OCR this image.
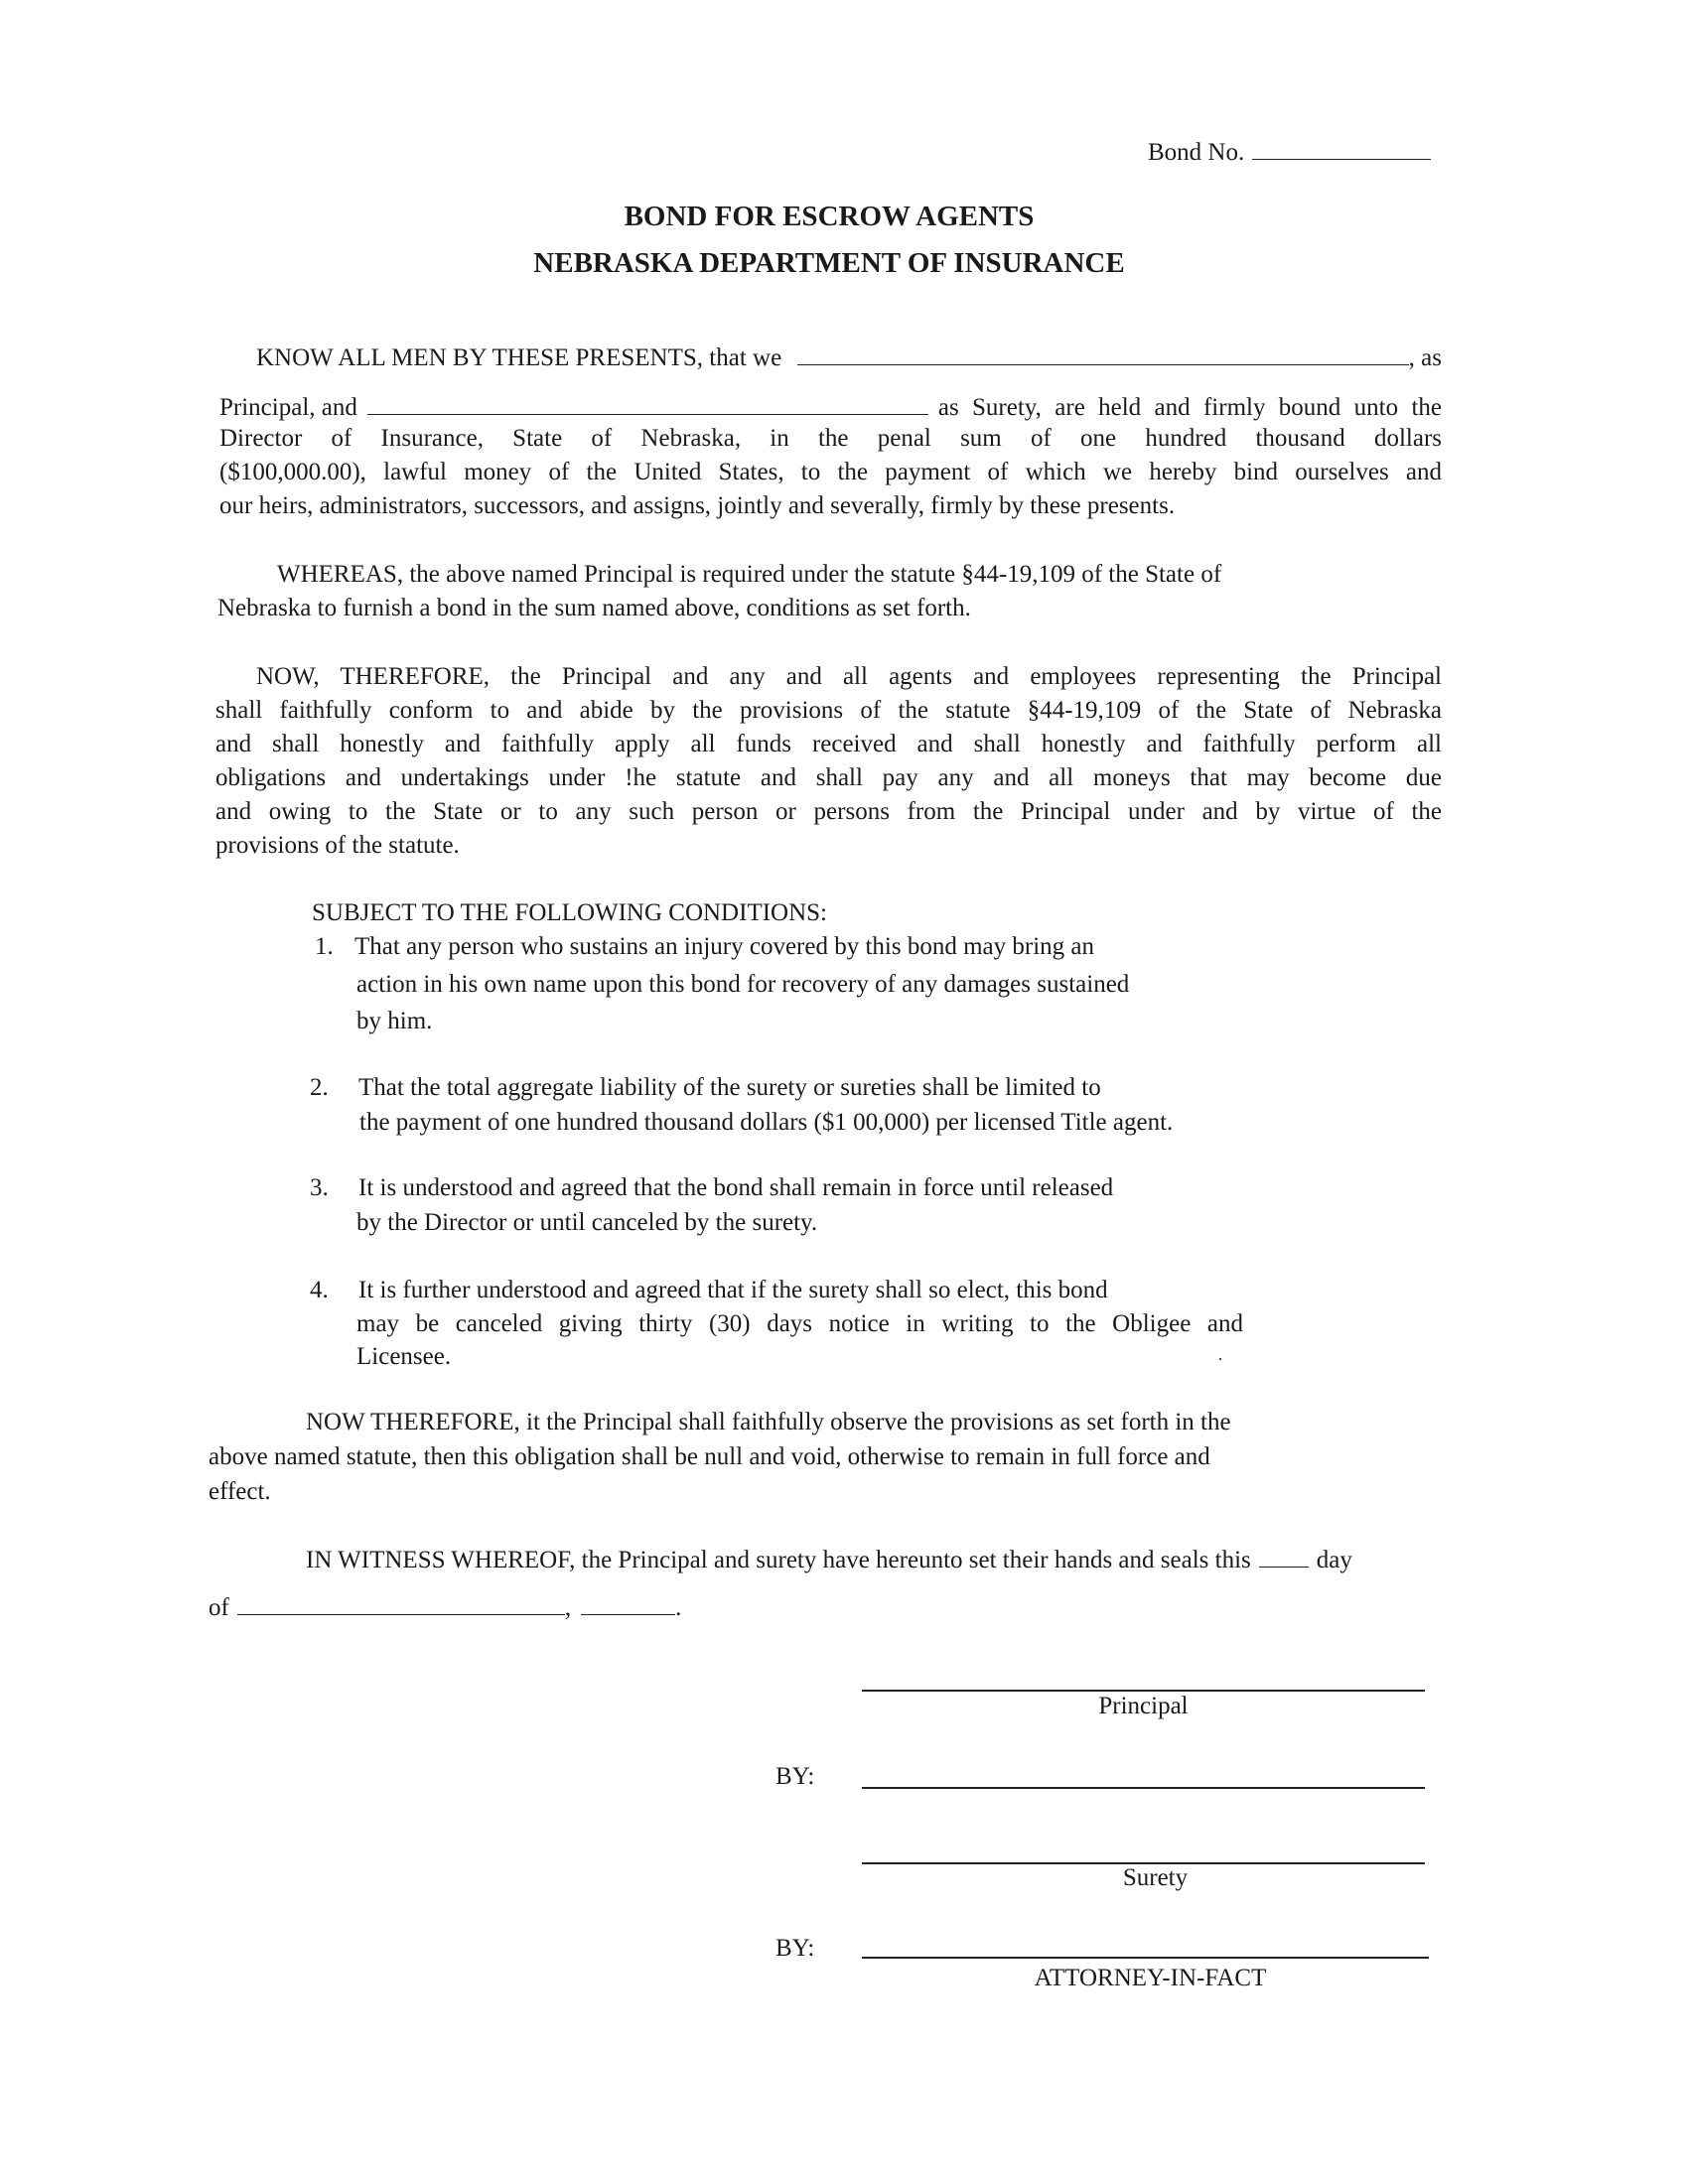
Bond No.
BOND FOR ESCROW AGENTS
NEBRASKA DEPARTMENT OF INSURANCE
KNOW ALL MEN BY THESE PRESENTS, that we	, as
Principal, and	as Surety, are held and firmly bound unto the
Director of Insurance, State of Nebraska, in the penal sum of one hundred thousand dollars
($100,000.00), lawful money of the United States, to the payment of which we hereby bind ourselves and
our heirs, administrators, successors, and assigns, jointly and severally, firmly by these presents.
WHEREAS, the above named Principal is required under the statute §44-19,109 of the State of
Nebraska to furnish a bond in the sum named above, conditions as set forth.
NOW, THEREFORE, the Principal and any and all agents and employees representing the Principal
shall faithfully conform to and abide by the provisions of the statute §44-19,109 of the State of Nebraska
and shall honestly and faithfully apply all funds received and shall honestly and faithfully perform all
obligations and undertakings under !he statute and shall pay any and all moneys that may become due
and owing to the State or to any such person or persons from the Principal under and by virtue of the
provisions of the statute.
SUBJECT TO THE FOLLOWING CONDITIONS:
1. That any person who sustains an injury covered by this bond may bring an
action in his own name upon this bond for recovery of any damages sustained
by him.
2. That the total aggregate liability of the surety or sureties shall be limited to
the payment of one hundred thousand dollars ($1 00,000) per licensed Title agent.
3. It is understood and agreed that the bond shall remain in force until released
by the Director or until canceled by the surety.
4. It is further understood and agreed that if the surety shall so elect, this bond
may be canceled giving thirty (30) days notice in writing to the Obligee and
Licensee.
NOW THEREFORE, it the Principal shall faithfully observe the provisions as set forth in the
above named statute, then this obligation shall be null and void, otherwise to remain in full force and
effect.
IN WITNESS WHEREOF, the Principal and surety have hereunto set their hands and seals this	day
of	,	.
Principal
BY:
Surety
BY:
ATTORNEY-IN-FACT
